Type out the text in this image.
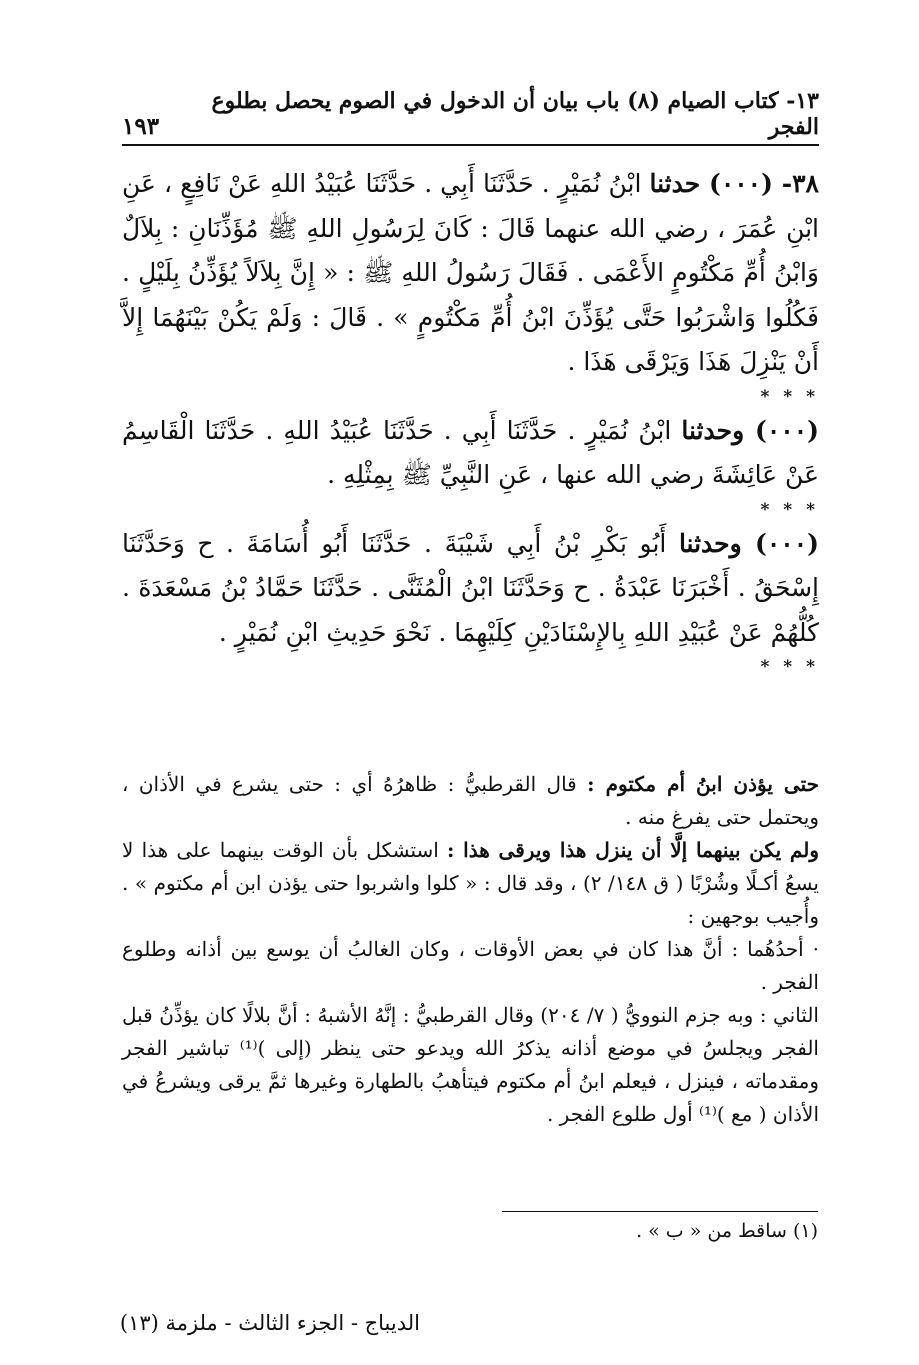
١٣- كتاب الصيام (٨) باب بيان أن الدخول في الصوم يحصل بطلوع الفجر
١٩٣

٣٨- (٠٠٠) حدثنا ابْنُ نُمَيْرٍ . حَدَّثَنَا أَبِي . حَدَّثَنَا عُبَيْدُ اللهِ عَنْ نَافِعٍ ، عَنِ ابْنِ عُمَرَ ، رضي الله عنهما قَالَ : كَانَ لِرَسُولِ اللهِ ﷺ مُؤَذِّنَانِ : بِلاَلٌ وَابْنُ أُمِّ مَكْتُومٍ الأَعْمَى . فَقَالَ رَسُولُ اللهِ ﷺ : « إِنَّ بِلاَلاً يُؤَذِّنُ بِلَيْلٍ . فَكُلُوا وَاشْرَبُوا حَتَّى يُؤَذِّنَ ابْنُ أُمِّ مَكْتُومٍ » . قَالَ : وَلَمْ يَكُنْ بَيْنَهُمَا إِلاَّ أَنْ يَنْزِلَ هَذَا وَيَرْقَى هَذَا .

* * *

(٠٠٠) وحدثنا ابْنُ نُمَيْرٍ . حَدَّثَنَا أَبِي . حَدَّثَنَا عُبَيْدُ اللهِ . حَدَّثَنَا الْقَاسِمُ عَنْ عَائِشَةَ رضي الله عنها ، عَنِ النَّبِيِّ ﷺ بِمِثْلِهِ .

* * *

(٠٠٠) وحدثنا أَبُو بَكْرِ بْنُ أَبِي شَيْبَةَ . حَدَّثَنَا أَبُو أُسَامَةَ . ح وَحَدَّثَنَا إِسْحَقُ . أَخْبَرَنَا عَبْدَةُ . ح وَحَدَّثَنَا ابْنُ الْمُثَنَّى . حَدَّثَنَا حَمَّادُ بْنُ مَسْعَدَةَ . كُلُّهُمْ عَنْ عُبَيْدِ اللهِ بِالإِسْنَادَيْنِ كِلَيْهِمَا . نَحْوَ حَدِيثِ ابْنِ نُمَيْرٍ .

* * *

حتى يؤذن ابنُ أم مكتوم : قال القرطبيُّ : ظاهرُهُ أي : حتى يشرع في الأذان ، ويحتمل حتى يفرغ منه .

ولم يكن بينهما إلَّا أن ينزل هذا ويرقى هذا : استشكل بأن الوقت بينهما على هذا لا يسعُ أكـلًا وشُرْبًا ( ق ١٤٨/ ٢) ، وقد قال : « كلوا واشربوا حتى يؤذن ابن أم مكتوم » . وأُجيب بوجهين :

· أحدُهُما : أنَّ هذا كان في بعض الأوقات ، وكان الغالبُ أن يوسع بين أذانه وطلوع الفجر .

الثاني : وبه جزم النوويُّ ( ٧/ ٢٠٤) وقال القرطبيُّ : إنَّهُ الأشبهُ : أنَّ بلالًا كان يؤذِّنُ قبل الفجر ويجلسُ في موضع أذانه يذكرُ الله ويدعو حتى ينظر (إلى )⁽¹⁾ تباشير الفجر ومقدماته ، فينزل ، فيعلم ابنُ أم مكتوم فيتأهبُ بالطهارة وغيرها ثمَّ يرقى ويشرعُ في الأذان ( مع )⁽¹⁾ أول طلوع الفجر .

(١) ساقط من « ب » .
الديباج - الجزء الثالث - ملزمة (١٣)
